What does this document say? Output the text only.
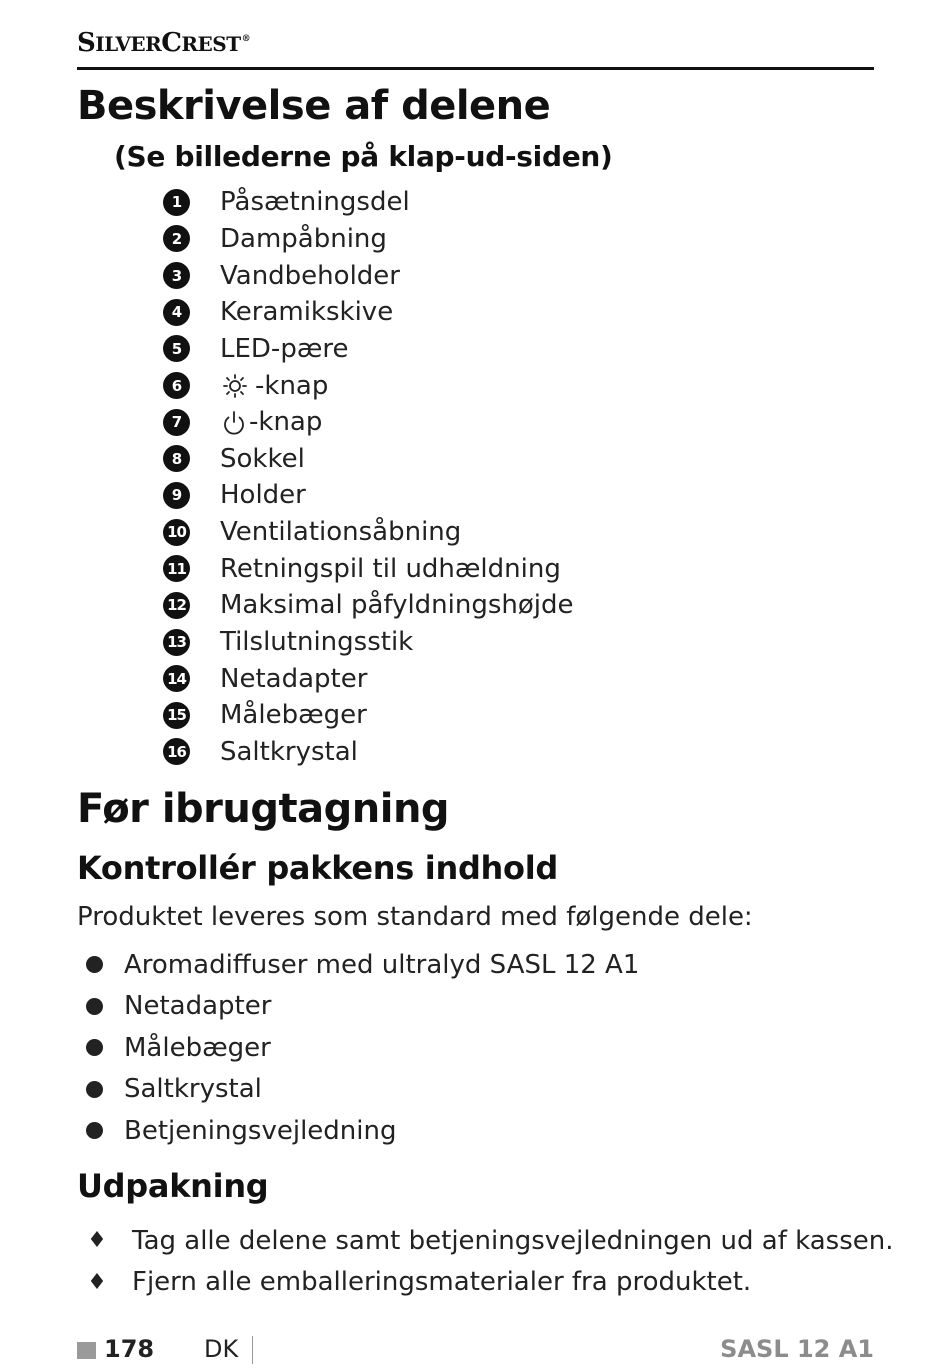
SILVERCREST®
Beskrivelse af delene
(Se billederne på klap-ud-siden)
1	Påsætningsdel
2	Dampåbning
3	Vandbeholder
4	Keramikskive
5	LED-pære
6	-knap
7	-knap
8	Sokkel
9	Holder
10 Ventilationsåbning
11 Retningspil til udhældning
12 Maksimal påfyldningshøjde
13 Tilslutningsstik
14 Netadapter
15 Målebæger
16 Saltkrystal
Før ibrugtagning
Kontrollér pakkens indhold

Produktet leveres som standard med følgende dele:

Aromadiffuser med ultralyd SASL 12 A1
Netadapter
Målebæger
Saltkrystal
Betjeningsvejledning
Udpakning
♦ Tag alle delene samt betjeningsvejledningen ud af kassen.
♦ Fjern alle emballeringsmaterialer fra produktet.
178 DK	SASL 12 A1
